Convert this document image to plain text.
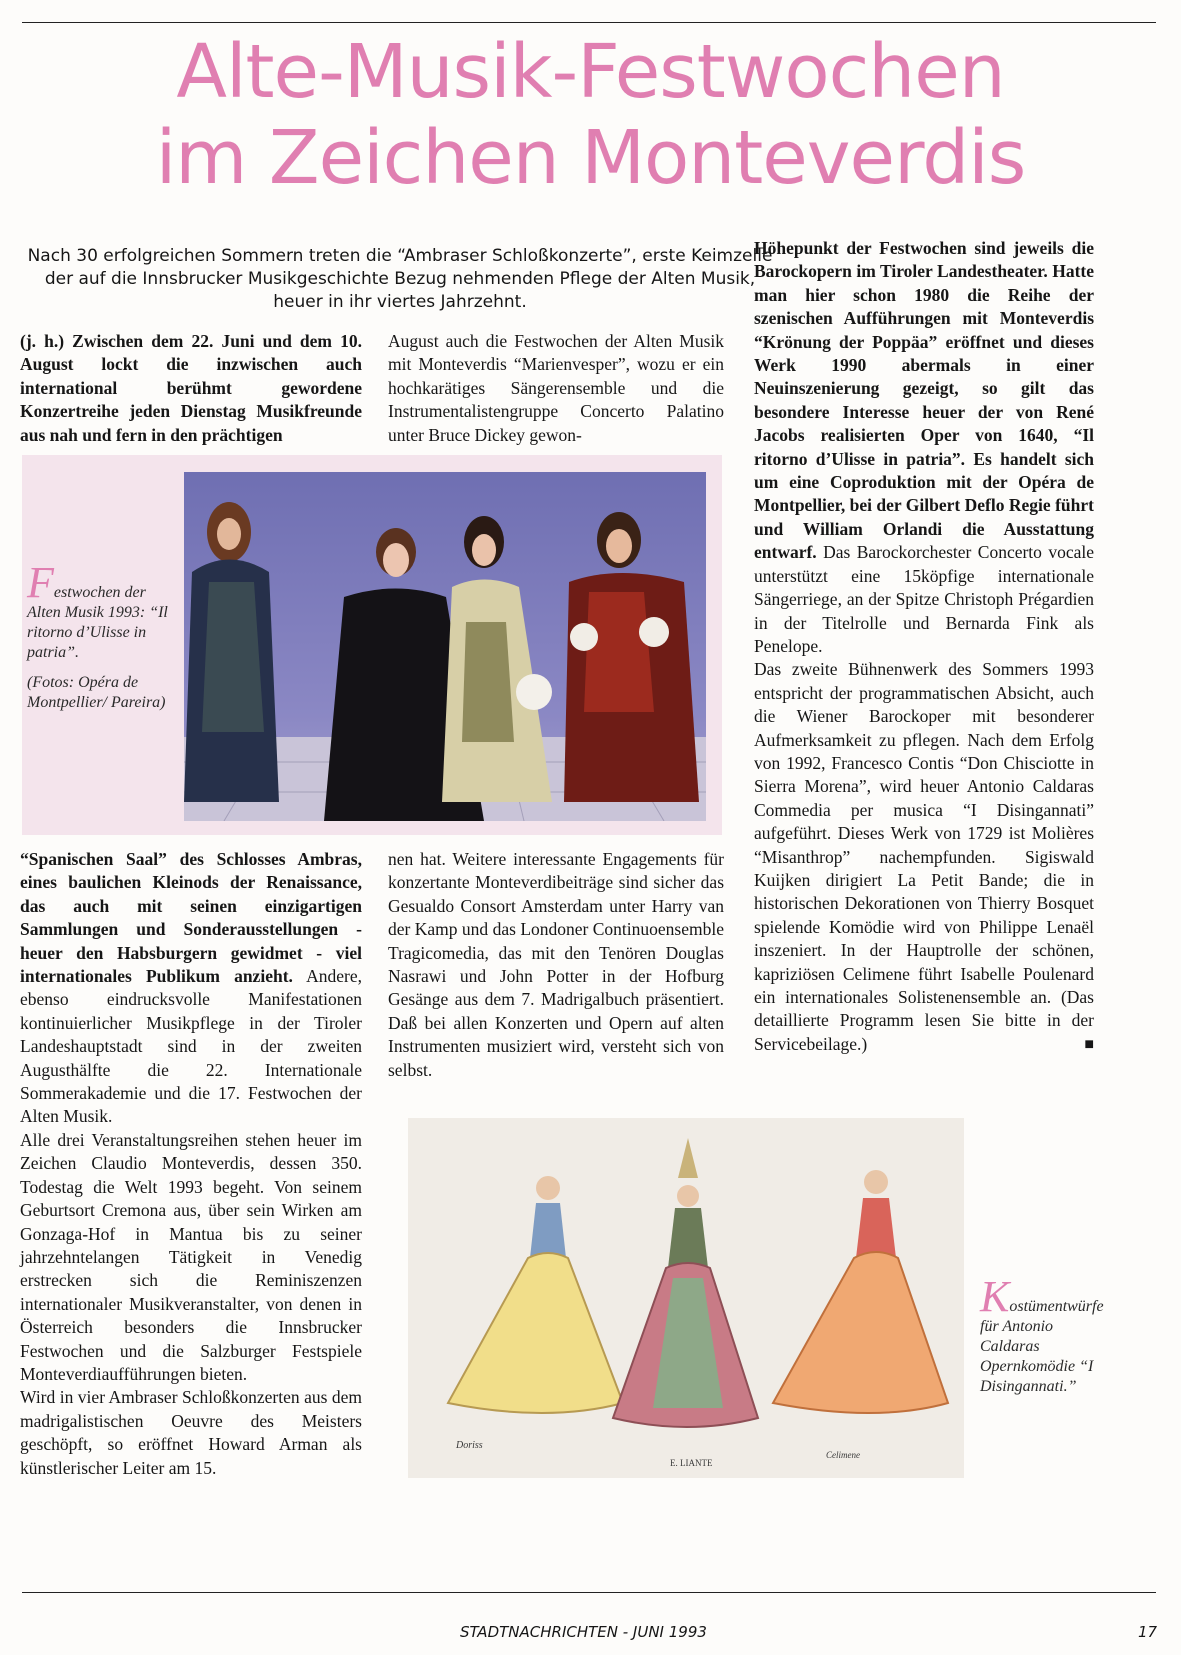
Alte-Musik-Festwochen
im Zeichen Monteverdis

Nach 30 erfolgreichen Sommern treten die “Ambraser Schloßkonzerte”, erste Keimzelle der auf die Innsbrucker Musikgeschichte Bezug nehmenden Pflege der Alten Musik, heuer in ihr viertes Jahrzehnt.

(j. h.) Zwischen dem 22. Juni und dem 10. August lockt die inzwischen auch international berühmt gewordene Konzertreihe jeden Dienstag Musikfreunde aus nah und fern in den prächtigen

August auch die Festwochen der Alten Musik mit Monteverdis “Marienvesper”, wozu er ein hochkarätiges Sängerensemble und die Instrumentalistengruppe Concerto Palatino unter Bruce Dickey gewon-

Höhepunkt der Festwochen sind jeweils die Barockopern im Tiroler Landestheater. Hatte man hier schon 1980 die Reihe der szenischen Aufführungen mit Monteverdis “Krönung der Poppäa” eröffnet und dieses Werk 1990 abermals in einer Neuinszenierung gezeigt, so gilt das besondere Interesse heuer der von René Jacobs realisierten Oper von 1640, “Il ritorno d’Ulisse in patria”. Es handelt sich um eine Coproduktion mit der Opéra de Montpellier, bei der Gilbert Deflo Regie führt und William Orlandi die Ausstattung entwarf. Das Barockorchester Concerto vocale unterstützt eine 15köpfige internationale Sängerriege, an der Spitze Christoph Prégardien in der Titelrolle und Bernarda Fink als Penelope.

Das zweite Bühnenwerk des Sommers 1993 entspricht der programmatischen Absicht, auch die Wiener Barockoper mit besonderer Aufmerksamkeit zu pflegen. Nach dem Erfolg von 1992, Francesco Contis “Don Chisciotte in Sierra Morena”, wird heuer Antonio Caldaras Commedia per musica “I Disingannati” aufgeführt. Dieses Werk von 1729 ist Molières “Misanthrop” nachempfunden. Sigiswald Kuijken dirigiert La Petit Bande; die in historischen Dekorationen von Thierry Bosquet spielende Komödie wird von Philippe Lenaël inszeniert. In der Hauptrolle der schönen, kapriziösen Celimene führt Isabelle Poulenard ein internationales Solistenensemble an. (Das detaillierte Programm lesen Sie bitte in der Servicebeilage.)	■

Festwochen der Alten Musik 1993: “Il ritorno d’Ulisse in patria”.
(Fotos: Opéra de Montpellier/ Pareira)

“Spanischen Saal” des Schlosses Ambras, eines baulichen Kleinods der Renaissance, das auch mit seinen einzigartigen Sammlungen und Sonderausstellungen - heuer den Habsburgern gewidmet - viel internationales Publikum anzieht. Andere, ebenso eindrucksvolle Manifestationen kontinuierlicher Musikpflege in der Tiroler Landeshauptstadt sind in der zweiten Augusthälfte die 22. Internationale Sommerakademie und die 17. Festwochen der Alten Musik.

Alle drei Veranstaltungsreihen stehen heuer im Zeichen Claudio Monteverdis, dessen 350. Todestag die Welt 1993 begeht. Von seinem Geburtsort Cremona aus, über sein Wirken am Gonzaga-Hof in Mantua bis zu seiner jahrzehntelangen Tätigkeit in Venedig erstrecken sich die Reminiszenzen internationaler Musikveranstalter, von denen in Österreich besonders die Innsbrucker Festwochen und die Salzburger Festspiele Monteverdiaufführungen bieten.

Wird in vier Ambraser Schloßkonzerten aus dem madrigalistischen Oeuvre des Meisters geschöpft, so eröffnet Howard Arman als künstlerischer Leiter am 15.

nen hat. Weitere interessante Engagements für konzertante Monteverdibeiträge sind sicher das Gesualdo Consort Amsterdam unter Harry van der Kamp und das Londoner Continuoensemble Tragicomedia, das mit den Tenören Douglas Nasrawi und John Potter in der Hofburg Gesänge aus dem 7. Madrigalbuch präsentiert. Daß bei allen Konzerten und Opern auf alten Instrumenten musiziert wird, versteht sich von selbst.

Doriss
E. LIANTE
Celimene
Kostümentwürfe für Antonio Caldaras Opernkomödie “I Disingannati.”
STADTNACHRICHTEN - JUNI 1993	17
